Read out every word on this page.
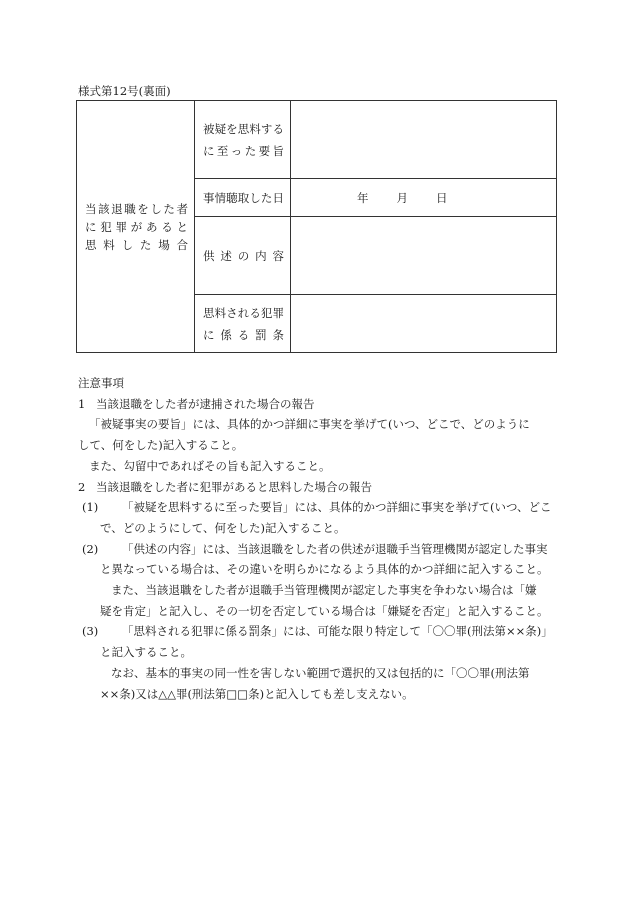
様式第12号(裏面)
当該退職をした者
に犯罪があると
思料した場合	被疑を思料する
に至った要旨	

	事情聴取した日	年 月 日

	供述の内容	

	思料される犯罪
に係る罰条	

注意事項

1 当該退職をした者が逮捕された場合の報告

「被疑事実の要旨」には、具体的かつ詳細に事実を挙げて(いつ、どこで、どのように

して、何をした)記入すること。

また、勾留中であればその旨も記入すること。

2 当該退職をした者に犯罪があると思料した場合の報告

(1) 「被疑を思料するに至った要旨」には、具体的かつ詳細に事実を挙げて(いつ、どこ

で、どのようにして、何をした)記入すること。

(2) 「供述の内容」には、当該退職をした者の供述が退職手当管理機関が認定した事実

と異なっている場合は、その違いを明らかになるよう具体的かつ詳細に記入すること。

また、当該退職をした者が退職手当管理機関が認定した事実を争わない場合は「嫌

疑を肯定」と記入し、その一切を否定している場合は「嫌疑を否定」と記入すること。

(3) 「思料される犯罪に係る罰条」には、可能な限り特定して「〇〇罪(刑法第××条)」

と記入すること。

なお、基本的事実の同一性を害しない範囲で選択的又は包括的に「〇〇罪(刑法第

××条)又は△△罪(刑法第□□条)と記入しても差し支えない。
